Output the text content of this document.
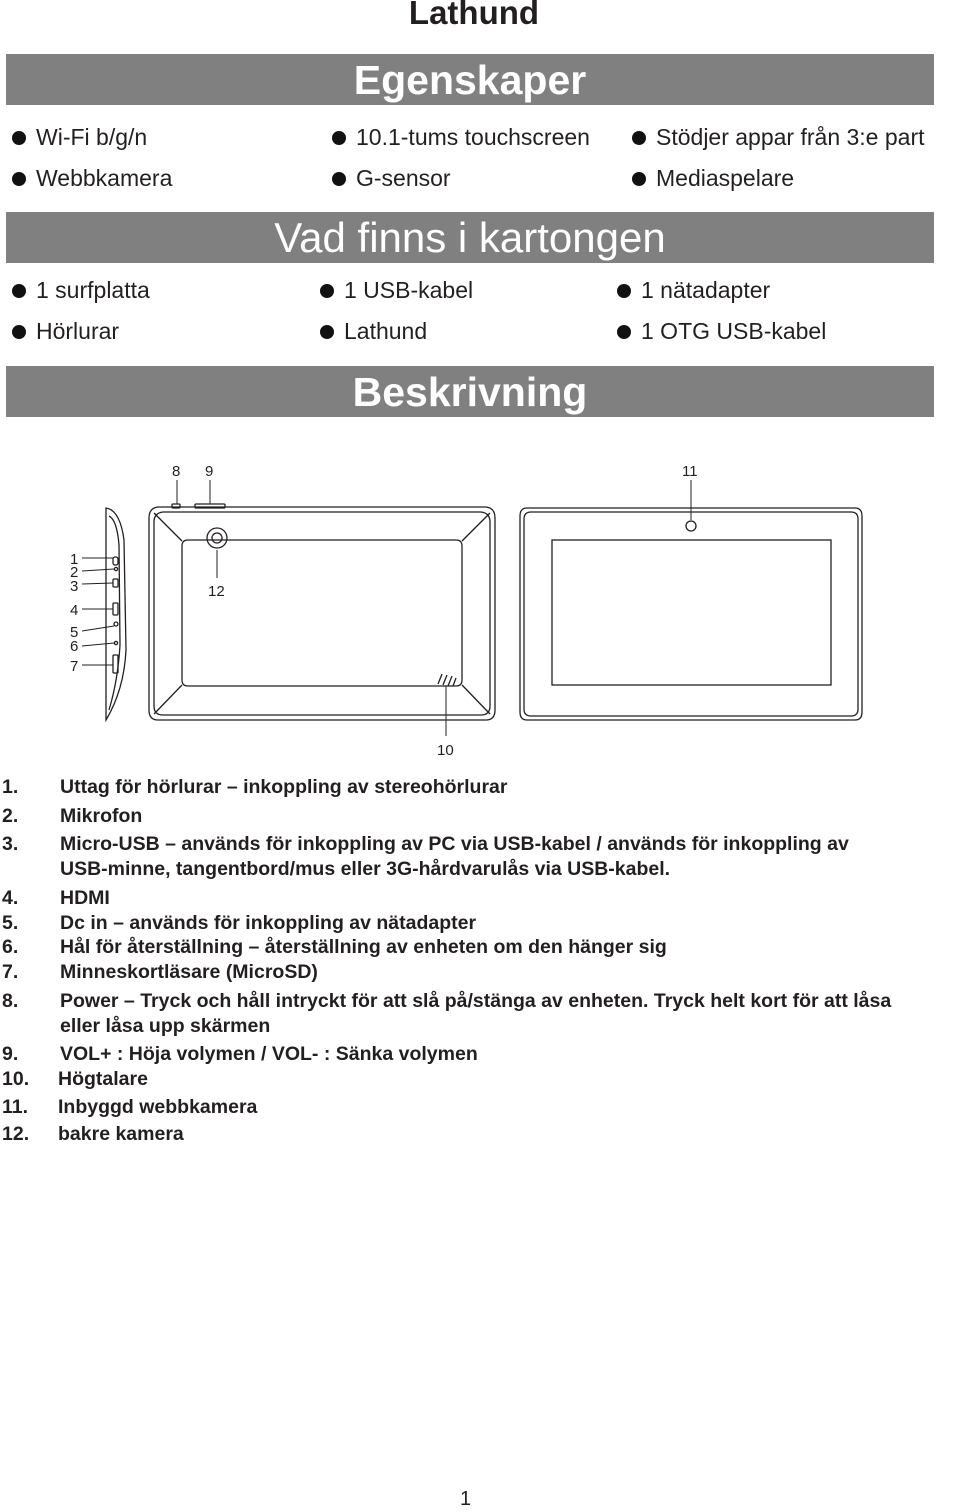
Lathund
Egenskaper
Wi-Fi b/g/n	10.1-tums touchscreen	Stödjer appar från 3:e part
Webbkamera	G-sensor	Mediaspelare
Vad finns i kartongen
1 surfplatta	1 USB-kabel	1 nätadapter
Hörlurar	Lathund	1 OTG USB-kabel
Beskrivning
1
2
3
4
5
6
7
8 9
12
10
11
1. Uttag för hörlurar – inkoppling av stereohörlurar
2. Mikrofon
3. Micro-USB – används för inkoppling av PC via USB-kabel / används för inkoppling av
USB-minne, tangentbord/mus eller 3G-hårdvarulås via USB-kabel.
4. HDMI
5. Dc in – används för inkoppling av nätadapter
6. Hål för återställning – återställning av enheten om den hänger sig
7. Minneskortläsare (MicroSD)
8. Power – Tryck och håll intryckt för att slå på/stänga av enheten. Tryck helt kort för att låsa
eller låsa upp skärmen
9. VOL+ : Höja volymen / VOL- : Sänka volymen
10. Högtalare
11. Inbyggd webbkamera
12. bakre kamera
1
